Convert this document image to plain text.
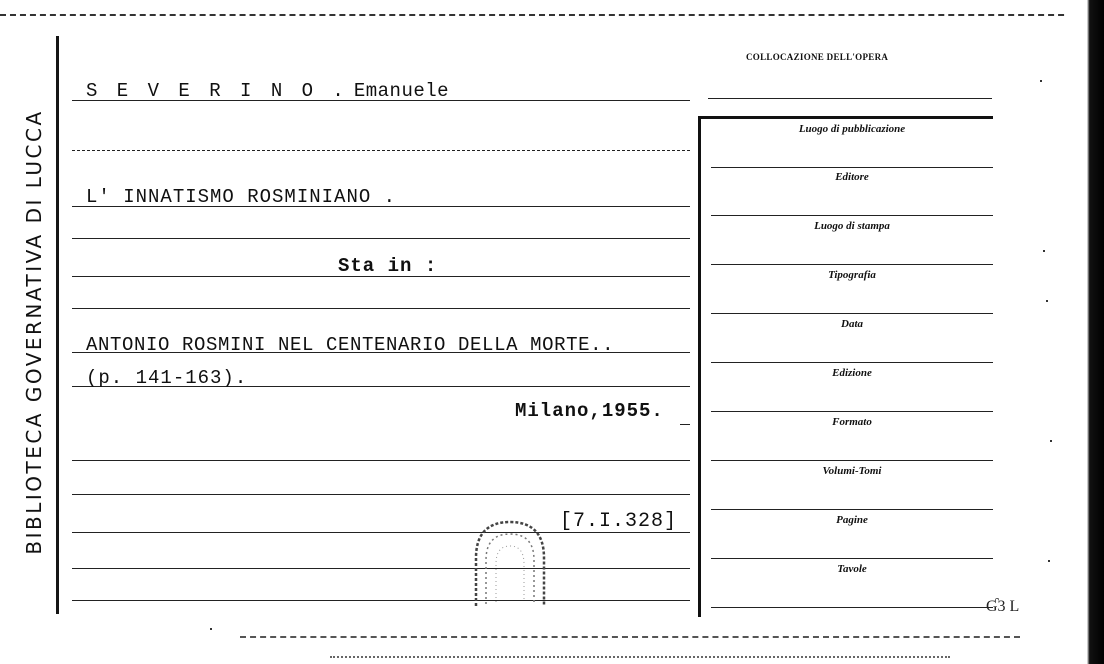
BIBLIOTECA GOVERNATIVA DI LUCCA
S E V E R I N O . Emanuele
L' INNATISMO ROSMINIANO .
Sta in :
ANTONIO ROSMINI NEL CENTENARIO DELLA MORTE..
(p. 141-163).
Milano,1955.
[7.I.328]
COLLOCAZIONE DELL'OPERA
Luogo di pubblicazione
Editore
Luogo di stampa
Tipografia
Data
Edizione
Formato
Volumi-Tomi
Pagine
Tavole
Ɠ3 L
